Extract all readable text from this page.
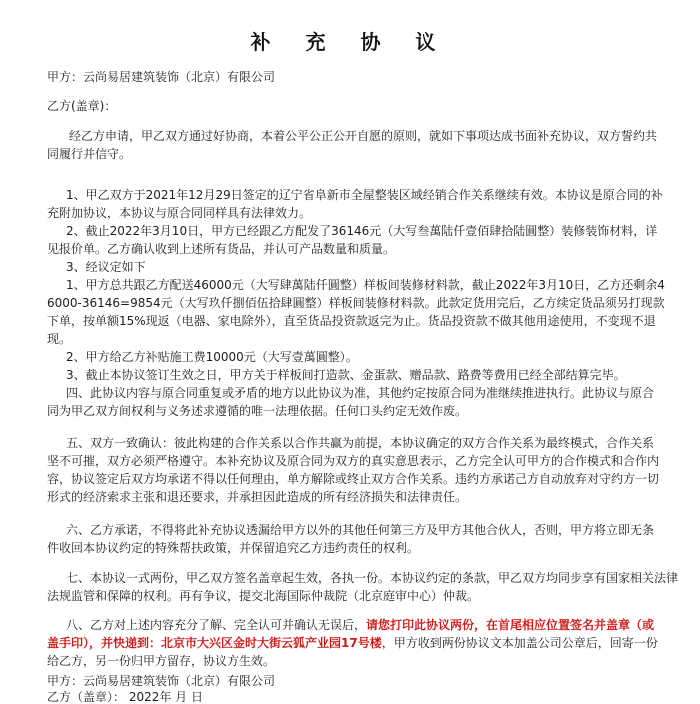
补 充 协 议
甲方：云尚易居建筑装饰（北京）有限公司
乙方(盖章)：
经乙方申请，甲乙双方通过好协商，本着公平公正公开自愿的原则，就如下事项达成书面补充协议，双方誓约共
同履行并信守。
1、甲乙双方于2021年12月29日签定的辽宁省阜新市全屋整装区域经销合作关系继续有效。本协议是原合同的补
充附加协议，本协议与原合同同样具有法律效力。
2、截止2022年3月10日，甲方已经跟乙方配发了36146元（大写叁萬陆仟壹佰肆拾陆圓整）装修装饰材料，详
见报价单。乙方确认收到上述所有货品，并认可产品数量和质量。
3、经议定如下
1、甲方总共跟乙方配送46000元（大写肆萬陆仟圓整）样板间装修材料款，截止2022年3月10日，乙方还剩余4
6000-36146=9854元（大写玖仟捌佰伍拾肆圓整）样板间装修材料款。此款定货用完后，乙方续定货品须另打现款
下单，按单额15%现返（电器、家电除外），直至货品投资款返完为止。货品投资款不做其他用途使用，不变现不退
现。
2、甲方给乙方补贴施工费10000元（大写壹萬圓整）。
3、截止本协议签订生效之日，甲方关于样板间打造款、金蛋款、赠品款、路费等费用已经全部结算完毕。
四、此协议内容与原合同重复或矛盾的地方以此协议为准，其他约定按原合同为准继续推进执行。此协议与原合
同为甲乙双方间权利与义务述求遵循的唯一法理依据。任何口头约定无效作废。
五、双方一致确认：彼此构建的合作关系以合作共赢为前提，本协议确定的双方合作关系为最终模式，合作关系
坚不可摧，双方必须严格遵守。本补充协议及原合同为双方的真实意思表示，乙方完全认可甲方的合作模式和合作内
容，协议签定后双方均承诺不得以任何理由，单方解除或终止双方合作关系。违约方承诺己方自动放弃对守约方一切
形式的经济索求主张和退还要求，并承担因此造成的所有经济损失和法律责任。
六、乙方承诺，不得将此补充协议透漏给甲方以外的其他任何第三方及甲方其他合伙人，否则，甲方将立即无条
件收回本协议约定的特殊帮扶政策，并保留追究乙方违约责任的权利。
七、本协议一式两份，甲乙双方签名盖章起生效，各执一份。本协议约定的条款，甲乙双方均同步享有国家相关法律
法规监管和保障的权利。再有争议，提交北海国际仲裁院（北京庭审中心）仲裁。
八、乙方对上述内容充分了解、完全认可并确认无误后，请您打印此协议两份，在首尾相应位置签名并盖章（或
盖手印），并快递到：北京市大兴区金时大街云狐产业园17号楼，甲方收到两份协议文本加盖公司公章后，回寄一份
给乙方，另一份归甲方留存，协议方生效。
甲方：云尚易居建筑装饰（北京）有限公司
乙方（盖章）： 2022年 月 日
